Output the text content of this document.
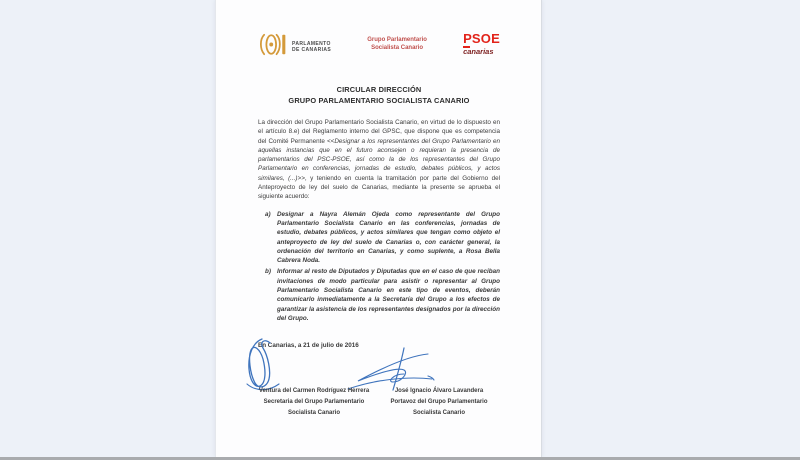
PARLAMENTO
DE CANARIAS
Grupo Parlamentario
Socialista Canario
PSOE
canarias
CIRCULAR DIRECCIÓN
GRUPO PARLAMENTARIO SOCIALISTA CANARIO

La dirección del Grupo Parlamentario Socialista Canario, en virtud de lo dispuesto en el artículo 8.e) del Reglamento interno del GPSC, que dispone que es competencia del Comité Permanente <<Designar a los representantes del Grupo Parlamentario en aquellas instancias que en el futuro aconsejen o requieran la presencia de parlamentarios del PSC-PSOE, así como la de los representantes del Grupo Parlamentario en conferencias, jornadas de estudio, debates públicos, y actos similares, (...)>>, y teniendo en cuenta la tramitación por parte del Gobierno del Anteproyecto de ley del suelo de Canarias, mediante la presente se aprueba el siguiente acuerdo:

a)	Designar a Nayra Alemán Ojeda como representante del Grupo Parlamentario Socialista Canario en las conferencias, jornadas de estudio, debates públicos, y actos similares que tengan como objeto el anteproyecto de ley del suelo de Canarias o, con carácter general, la ordenación del territorio en Canarias, y como suplente, a Rosa Bella Cabrera Noda.
b) Informar al resto de Diputados y Diputadas que en el caso de que reciban invitaciones de modo particular para asistir o representar al Grupo Parlamentario Socialista Canario en este tipo de eventos, deberán comunicarlo inmediatamente a la Secretaría del Grupo a los efectos de garantizar la asistencia de los representantes designados por la dirección del Grupo.
En Canarias, a 21 de julio de 2016
Ventura del Carmen Rodríguez Herrera
Secretaria del Grupo Parlamentario
Socialista Canario
José Ignacio Álvaro Lavandera
Portavoz del Grupo Parlamentario
Socialista Canario
